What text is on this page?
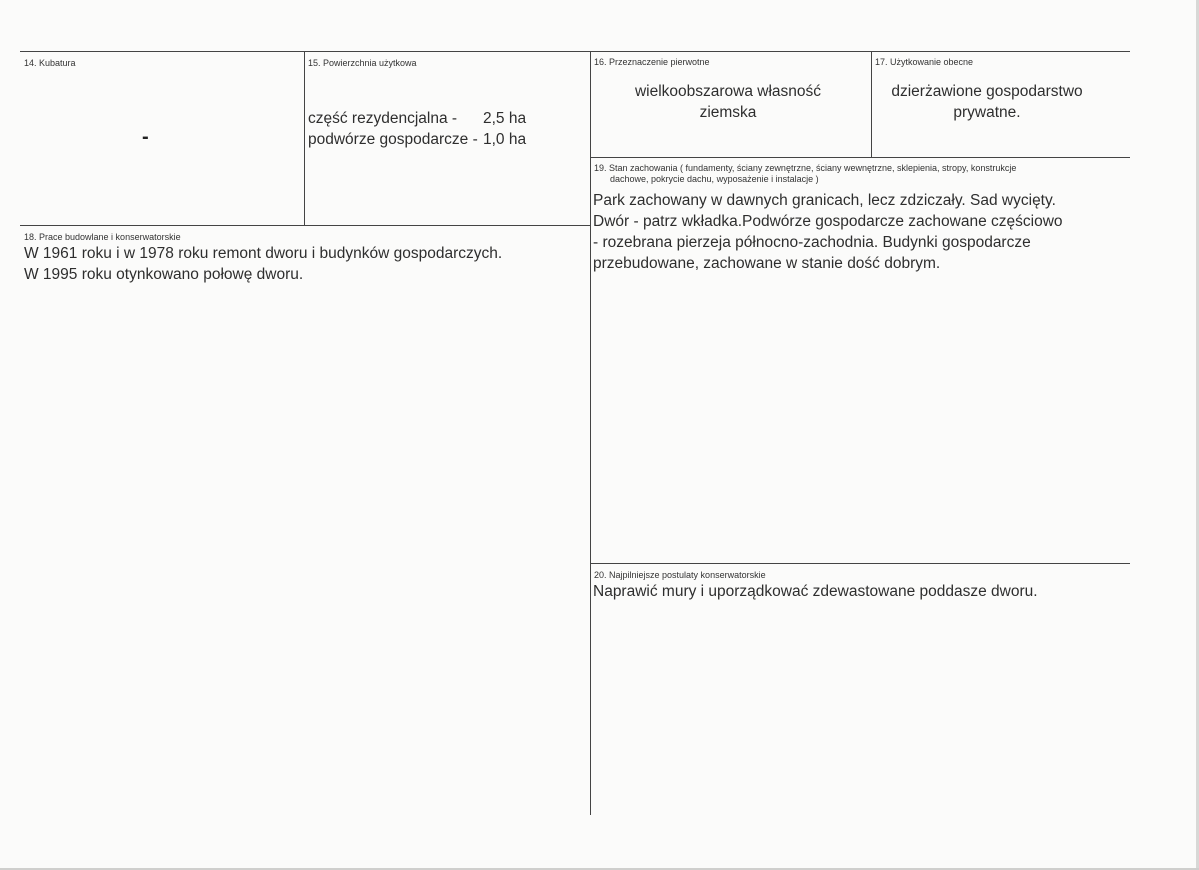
14. Kubatura
-
15. Powierzchnia użytkowa
część rezydencjalna -	2,5 ha
podwórze gospodarcze - 1,0 ha
16. Przeznaczenie pierwotne
wielkoobszarowa własność ziemska
17. Użytkowanie obecne
dzierżawione gospodarstwo prywatne.
19. Stan zachowania ( fundamenty, ściany zewnętrzne, ściany wewnętrzne, sklepienia, stropy, konstrukcje
dachowe, pokrycie dachu, wyposażenie i instalacje )
Park zachowany w dawnych granicach, lecz zdziczały. Sad wycięty.
Dwór - patrz wkładka.Podwórze gospodarcze zachowane częściowo
- rozebrana pierzeja północno-zachodnia. Budynki gospodarcze
przebudowane, zachowane w stanie dość dobrym.
18. Prace budowlane i konserwatorskie
W 1961 roku i w 1978 roku remont dworu i budynków gospodarczych.
W 1995 roku otynkowano połowę dworu.
20. Najpilniejsze postulaty konserwatorskie
Naprawić mury i uporządkować zdewastowane poddasze dworu.
